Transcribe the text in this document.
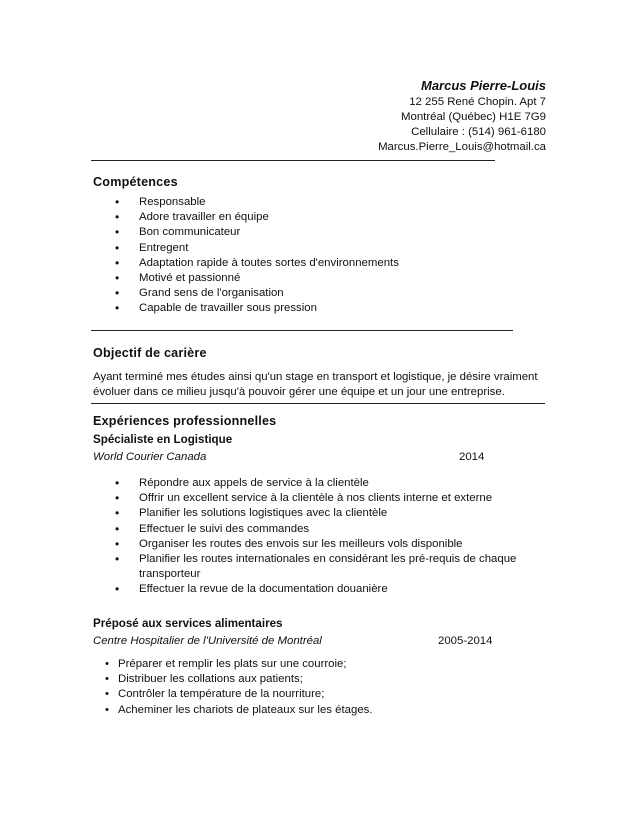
Marcus Pierre-Louis
12 255 René Chopin. Apt 7
Montréal (Québec) H1E 7G9
Cellulaire : (514) 961-6180
Marcus.Pierre_Louis@hotmail.ca
Compétences
• Responsable
• Adore travailler en équipe
• Bon communicateur
• Entregent
• Adaptation rapide à toutes sortes d'environnements
• Motivé et passionné
• Grand sens de l'organisation
• Capable de travailler sous pression
Objectif de carière
Ayant terminé mes études ainsi qu'un stage en transport et logistique, je désire vraiment
évoluer dans ce milieu jusqu'à pouvoir gérer une équipe et un jour une entreprise.
Expériences professionnelles
Spécialiste en Logistique
World Courier Canada	2014
• Répondre aux appels de service à la clientèle
• Offrir un excellent service à la clientèle à nos clients interne et externe
• Planifier les solutions logistiques avec la clientèle
• Effectuer le suivi des commandes
• Organiser les routes des envois sur les meilleurs vols disponible
• Planifier les routes internationales en considérant les pré-requis de chaque
transporteur
• Effectuer la revue de la documentation douanière
Préposé aux services alimentaires
Centre Hospitalier de l'Université de Montréal	2005-2014
• Préparer et remplir les plats sur une courroie;
• Distribuer les collations aux patients;
• Contrôler la température de la nourriture;
• Acheminer les chariots de plateaux sur les étages.
